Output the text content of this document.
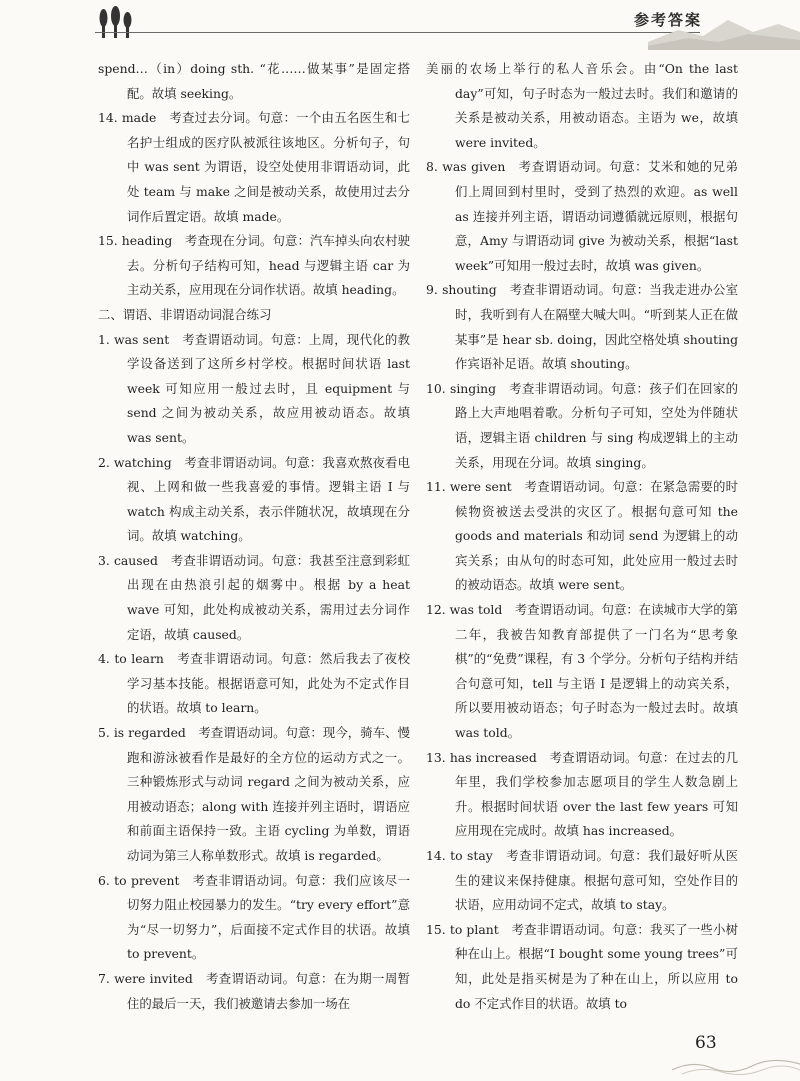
参考答案

spend…（in）doing sth. “花……做某事”是固定搭配。故填 seeking。

14. made　考查过去分词。句意：一个由五名医生和七名护士组成的医疗队被派往该地区。分析句子，句中 was sent 为谓语，设空处使用非谓语动词，此处 team 与 make 之间是被动关系，故使用过去分词作后置定语。故填 made。

15. heading　考查现在分词。句意：汽车掉头向农村驶去。分析句子结构可知，head 与逻辑主语 car 为主动关系，应用现在分词作状语。故填 heading。

二、谓语、非谓语动词混合练习

1. was sent　考查谓语动词。句意：上周，现代化的教学设备送到了这所乡村学校。根据时间状语 last week 可知应用一般过去时，且 equipment 与 send 之间为被动关系，故应用被动语态。故填 was sent。

2. watching　考查非谓语动词。句意：我喜欢熬夜看电视、上网和做一些我喜爱的事情。逻辑主语 I 与 watch 构成主动关系，表示伴随状况，故填现在分词。故填 watching。

3. caused　考查非谓语动词。句意：我甚至注意到彩虹出现在由热浪引起的烟雾中。根据 by a heat wave 可知，此处构成被动关系，需用过去分词作定语，故填 caused。

4. to learn　考查非谓语动词。句意：然后我去了夜校学习基本技能。根据语意可知，此处为不定式作目的状语。故填 to learn。

5. is regarded　考查谓语动词。句意：现今，骑车、慢跑和游泳被看作是最好的全方位的运动方式之一。三种锻炼形式与动词 regard 之间为被动关系，应用被动语态；along with 连接并列主语时，谓语应和前面主语保持一致。主语 cycling 为单数，谓语动词为第三人称单数形式。故填 is regarded。

6. to prevent　考查非谓语动词。句意：我们应该尽一切努力阻止校园暴力的发生。“try every effort”意为“尽一切努力”，后面接不定式作目的状语。故填 to prevent。

7. were invited　考查谓语动词。句意：在为期一周暂住的最后一天，我们被邀请去参加一场在

美丽的农场上举行的私人音乐会。由“On the last day”可知，句子时态为一般过去时。我们和邀请的关系是被动关系，用被动语态。主语为 we，故填 were invited。

8. was given　考查谓语动词。句意：艾米和她的兄弟们上周回到村里时，受到了热烈的欢迎。as well as 连接并列主语，谓语动词遵循就远原则，根据句意，Amy 与谓语动词 give 为被动关系，根据“last week”可知用一般过去时，故填 was given。

9. shouting　考查非谓语动词。句意：当我走进办公室时，我听到有人在隔壁大喊大叫。“听到某人正在做某事”是 hear sb. doing，因此空格处填 shouting 作宾语补足语。故填 shouting。

10. singing　考查非谓语动词。句意：孩子们在回家的路上大声地唱着歌。分析句子可知，空处为伴随状语，逻辑主语 children 与 sing 构成逻辑上的主动关系，用现在分词。故填 singing。

11. were sent　考查谓语动词。句意：在紧急需要的时候物资被送去受洪的灾区了。根据句意可知 the goods and materials 和动词 send 为逻辑上的动宾关系；由从句的时态可知，此处应用一般过去时的被动语态。故填 were sent。

12. was told　考查谓语动词。句意：在读城市大学的第二年，我被告知教育部提供了一门名为“思考象棋”的“免费”课程，有 3 个学分。分析句子结构并结合句意可知，tell 与主语 I 是逻辑上的动宾关系，所以要用被动语态；句子时态为一般过去时。故填 was told。

13. has increased　考查谓语动词。句意：在过去的几年里，我们学校参加志愿项目的学生人数急剧上升。根据时间状语 over the last few years 可知应用现在完成时。故填 has increased。

14. to stay　考查非谓语动词。句意：我们最好听从医生的建议来保持健康。根据句意可知，空处作目的状语，应用动词不定式，故填 to stay。

15. to plant　考查非谓语动词。句意：我买了一些小树种在山上。根据“I bought some young trees”可知，此处是指买树是为了种在山上，所以应用 to do 不定式作目的状语。故填 to

63
